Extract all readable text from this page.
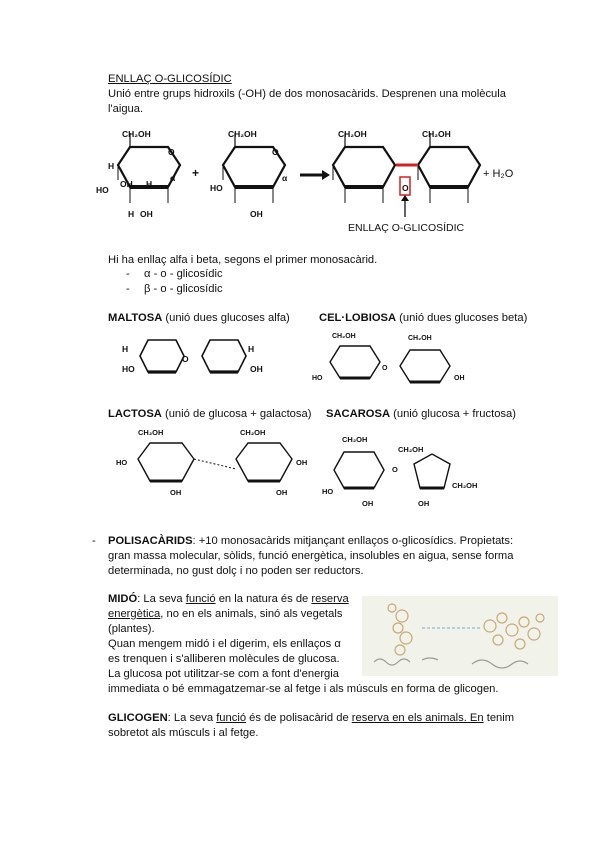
ENLLAÇ O-GLICOSÍDIC
Unió entre grups hidroxils (-OH) de dos monosacàrids. Desprenen una molècula
l'aigua.
CH₂OH
O
H
OH H
HO
OH
H
α +
CH₂OH
O
HO
OH
α
CH₂OH	CH₂OH
O
+ H₂O
ENLLAÇ O-GLICOSÍDIC
Hi ha enllaç alfa i beta, segons el primer monosacàrid.
- α - o - glicosídic
- β - o - glicosídic
MALTOSA (unió dues glucoses alfa)	CEL·LOBIOSA (unió dues glucoses beta)
O
H
HO
H
OH
CH₂OH	CH₂OH
O
HO	OH
LACTOSA (unió de glucosa + galactosa) SACAROSA (unió glucosa + fructosa)
CH₂OH	CH₂OH
HO	OH
OH	OH
CH₂OH
CH₂OH
O
HO
CH₂OH
OH	OH
- POLISACÀRIDS: +10 monosacàrids mitjançant enllaços o-glicosídics. Propietats:
gran massa molecular, sòlids, funció energètica, insolubles en aigua, sense forma
determinada, no gust dolç i no poden ser reductors.
MIDÓ: La seva funció en la natura és de reserva
energètica, no en els animals, sinó als vegetals
(plantes).
Quan mengem midó i el digerim, els enllaços α
es trenquen i s'alliberen molècules de glucosa.
La glucosa pot utilitzar-se com a font d'energia
immediata o bé emmagatzemar-se al fetge i als músculs en forma de glicogen.
GLICOGEN: La seva funció és de polisacàrid de reserva en els animals. En tenim
sobretot als músculs i al fetge.
